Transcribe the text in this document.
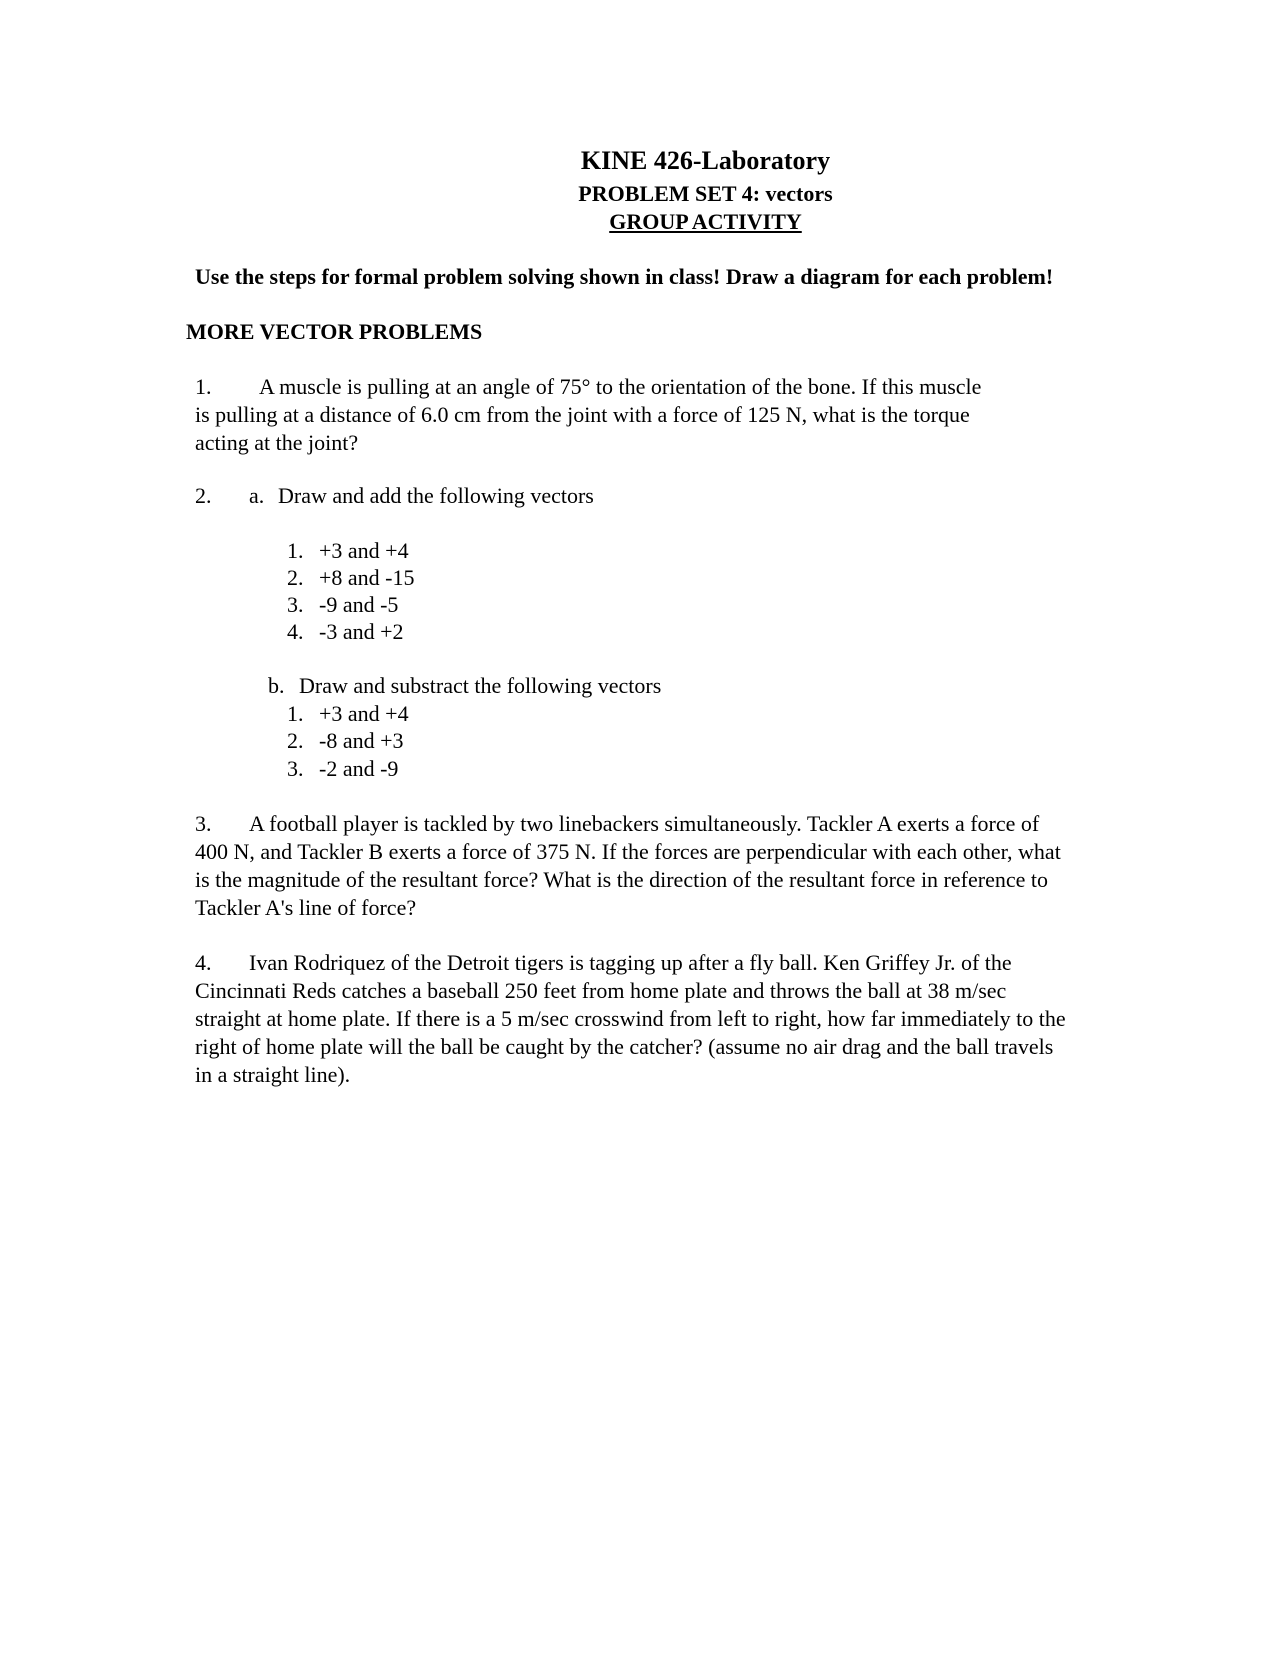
KINE 426-Laboratory
PROBLEM SET 4: vectors
GROUP ACTIVITY
Use the steps for formal problem solving shown in class! Draw a diagram for each problem!
MORE VECTOR PROBLEMS
1. A muscle is pulling at an angle of 75° to the orientation of the bone. If this muscle
is pulling at a distance of 6.0 cm from the joint with a force of 125 N, what is the torque
acting at the joint?
2. a. Draw and add the following vectors
1. +3 and +4
2. +8 and -15
3. -9 and -5
4. -3 and +2
b. Draw and substract the following vectors
1. +3 and +4
2. -8 and +3
3. -2 and -9
3. A football player is tackled by two linebackers simultaneously. Tackler A exerts a force of
400 N, and Tackler B exerts a force of 375 N. If the forces are perpendicular with each other, what
is the magnitude of the resultant force? What is the direction of the resultant force in reference to
Tackler A's line of force?
4. Ivan Rodriquez of the Detroit tigers is tagging up after a fly ball. Ken Griffey Jr. of the
Cincinnati Reds catches a baseball 250 feet from home plate and throws the ball at 38 m/sec
straight at home plate. If there is a 5 m/sec crosswind from left to right, how far immediately to the
right of home plate will the ball be caught by the catcher? (assume no air drag and the ball travels
in a straight line).
